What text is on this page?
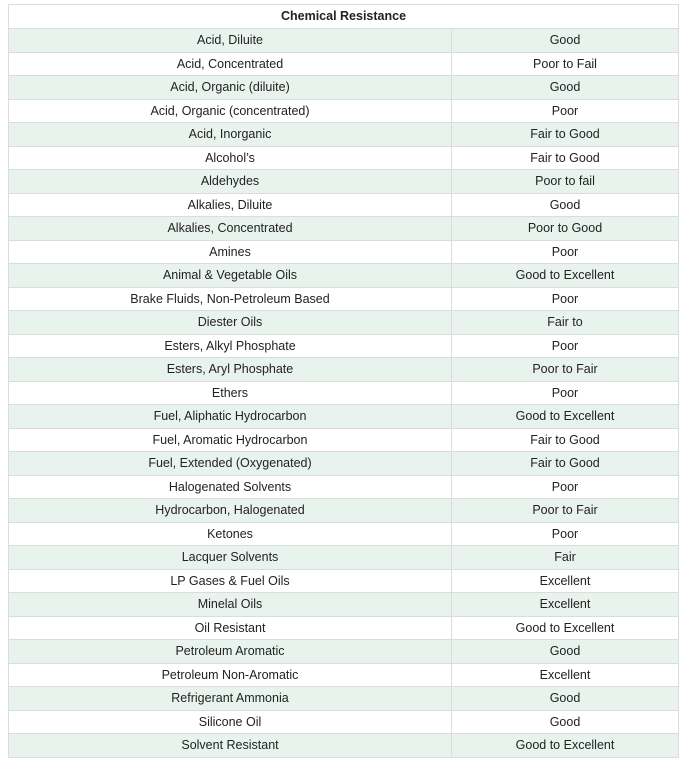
Chemical Resistance	
Acid, Diluite	Good
Acid, Concentrated	Poor to Fail
Acid, Organic (diluite)	Good
Acid, Organic (concentrated)	Poor
Acid, Inorganic	Fair to Good
Alcohol’s	Fair to Good
Aldehydes	Poor to fail
Alkalies, Diluite	Good
Alkalies, Concentrated	Poor to Good
Amines	Poor
Animal & Vegetable Oils	Good to Excellent
Brake Fluids, Non-Petroleum Based	Poor
Diester Oils	Fair to
Esters, Alkyl Phosphate	Poor
Esters, Aryl Phosphate	Poor to Fair
Ethers	Poor
Fuel, Aliphatic Hydrocarbon	Good to Excellent
Fuel, Aromatic Hydrocarbon	Fair to Good
Fuel, Extended (Oxygenated)	Fair to Good
Halogenated Solvents	Poor
Hydrocarbon, Halogenated	Poor to Fair
Ketones	Poor
Lacquer Solvents	Fair
LP Gases & Fuel Oils	Excellent
Minelal Oils	Excellent
Oil Resistant	Good to Excellent
Petroleum Aromatic	Good
Petroleum Non-Aromatic	Excellent
Refrigerant Ammonia	Good
Silicone Oil	Good
Solvent Resistant	Good to Excellent
